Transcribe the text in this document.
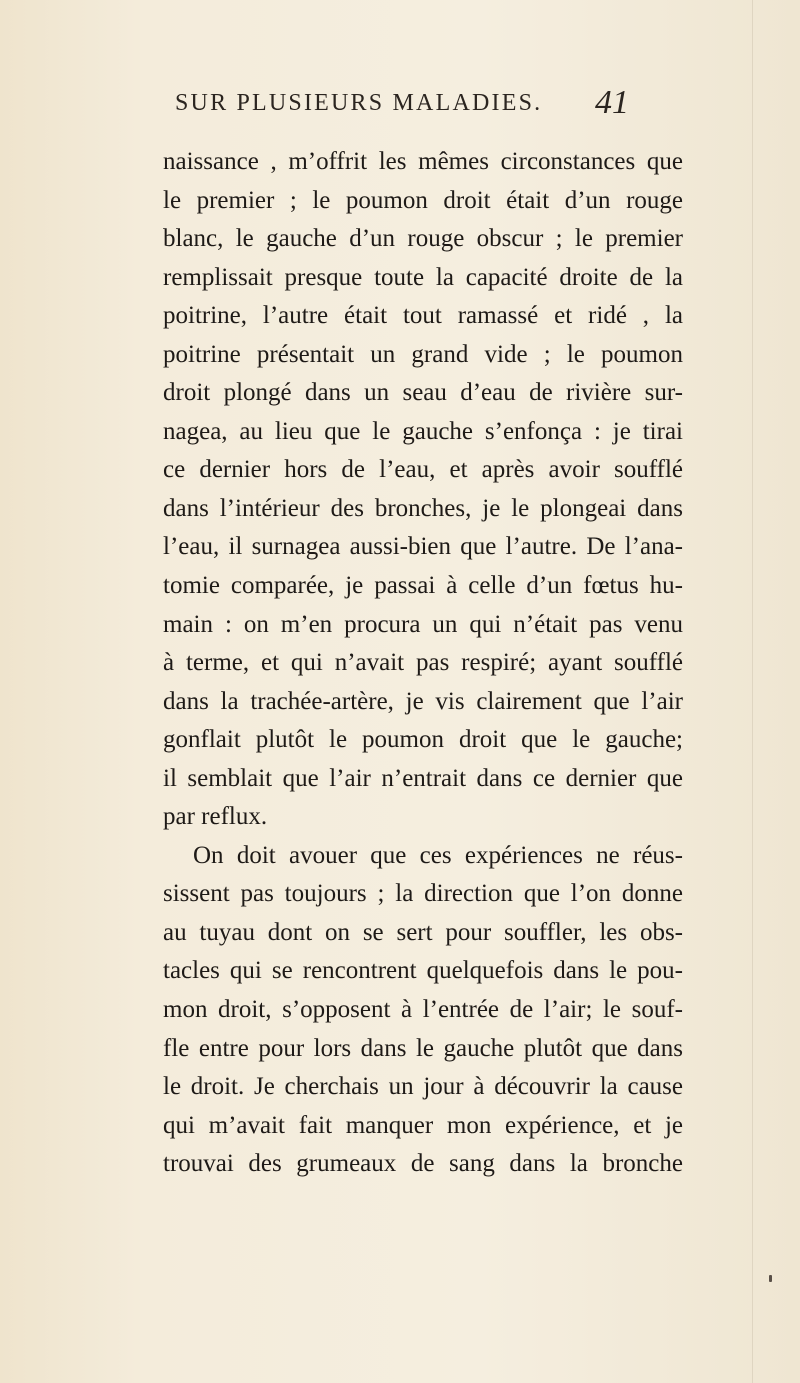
SUR PLUSIEURS MALADIES. 41
naissance , m’offrit les mêmes circonstances que
le premier ; le poumon droit était d’un rouge
blanc, le gauche d’un rouge obscur ; le premier
remplissait presque toute la capacité droite de la
poitrine, l’autre était tout ramassé et ridé , la
poitrine présentait un grand vide ; le poumon
droit plongé dans un seau d’eau de rivière sur-
nagea, au lieu que le gauche s’enfonça : je tirai
ce dernier hors de l’eau, et après avoir soufflé
dans l’intérieur des bronches, je le plongeai dans
l’eau, il surnagea aussi-bien que l’autre. De l’ana-
tomie comparée, je passai à celle d’un fœtus hu-
main : on m’en procura un qui n’était pas venu
à terme, et qui n’avait pas respiré; ayant soufflé
dans la trachée-artère, je vis clairement que l’air
gonflait plutôt le poumon droit que le gauche;
il semblait que l’air n’entrait dans ce dernier que
par reflux.
On doit avouer que ces expériences ne réus-
sissent pas toujours ; la direction que l’on donne
au tuyau dont on se sert pour souffler, les obs-
tacles qui se rencontrent quelquefois dans le pou-
mon droit, s’opposent à l’entrée de l’air; le souf-
fle entre pour lors dans le gauche plutôt que dans
le droit. Je cherchais un jour à découvrir la cause
qui m’avait fait manquer mon expérience, et je
trouvai des grumeaux de sang dans la bronche
